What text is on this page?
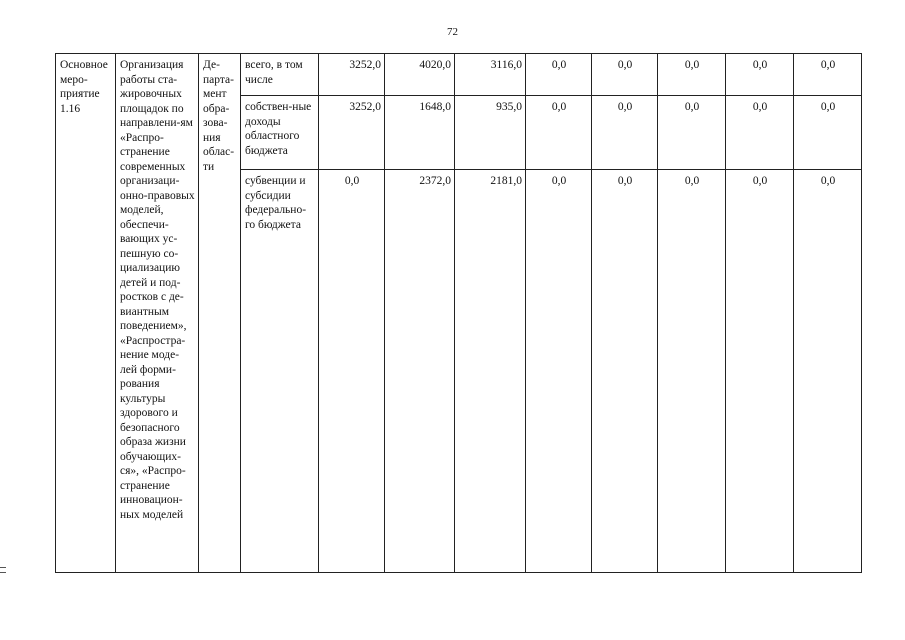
72
Основное меро-приятие 1.16	Организация работы ста-жировочных площадок по направлени-ям «Распро-странение современных организаци-онно-правовых моделей, обеспечи-вающих ус-пешную со-циализацию детей и под-ростков с де-виантным поведением», «Распростра-нение моде-лей форми-рования культуры здорового и безопасного образа жизни обучающих-ся», «Распро-странение инновацион-ных моделей	Де-парта-мент обра-зова-ния облас-ти	всего, в том числе	3252,0	4020,0	3116,0	0,0	0,0	0,0	0,0	0,0
			собствен-ные доходы областного бюджета	3252,0	1648,0	935,0	0,0	0,0	0,0	0,0	0,0
			субвенции и субсидии федерально-го бюджета	0,0	2372,0	2181,0	0,0	0,0	0,0	0,0	0,0
